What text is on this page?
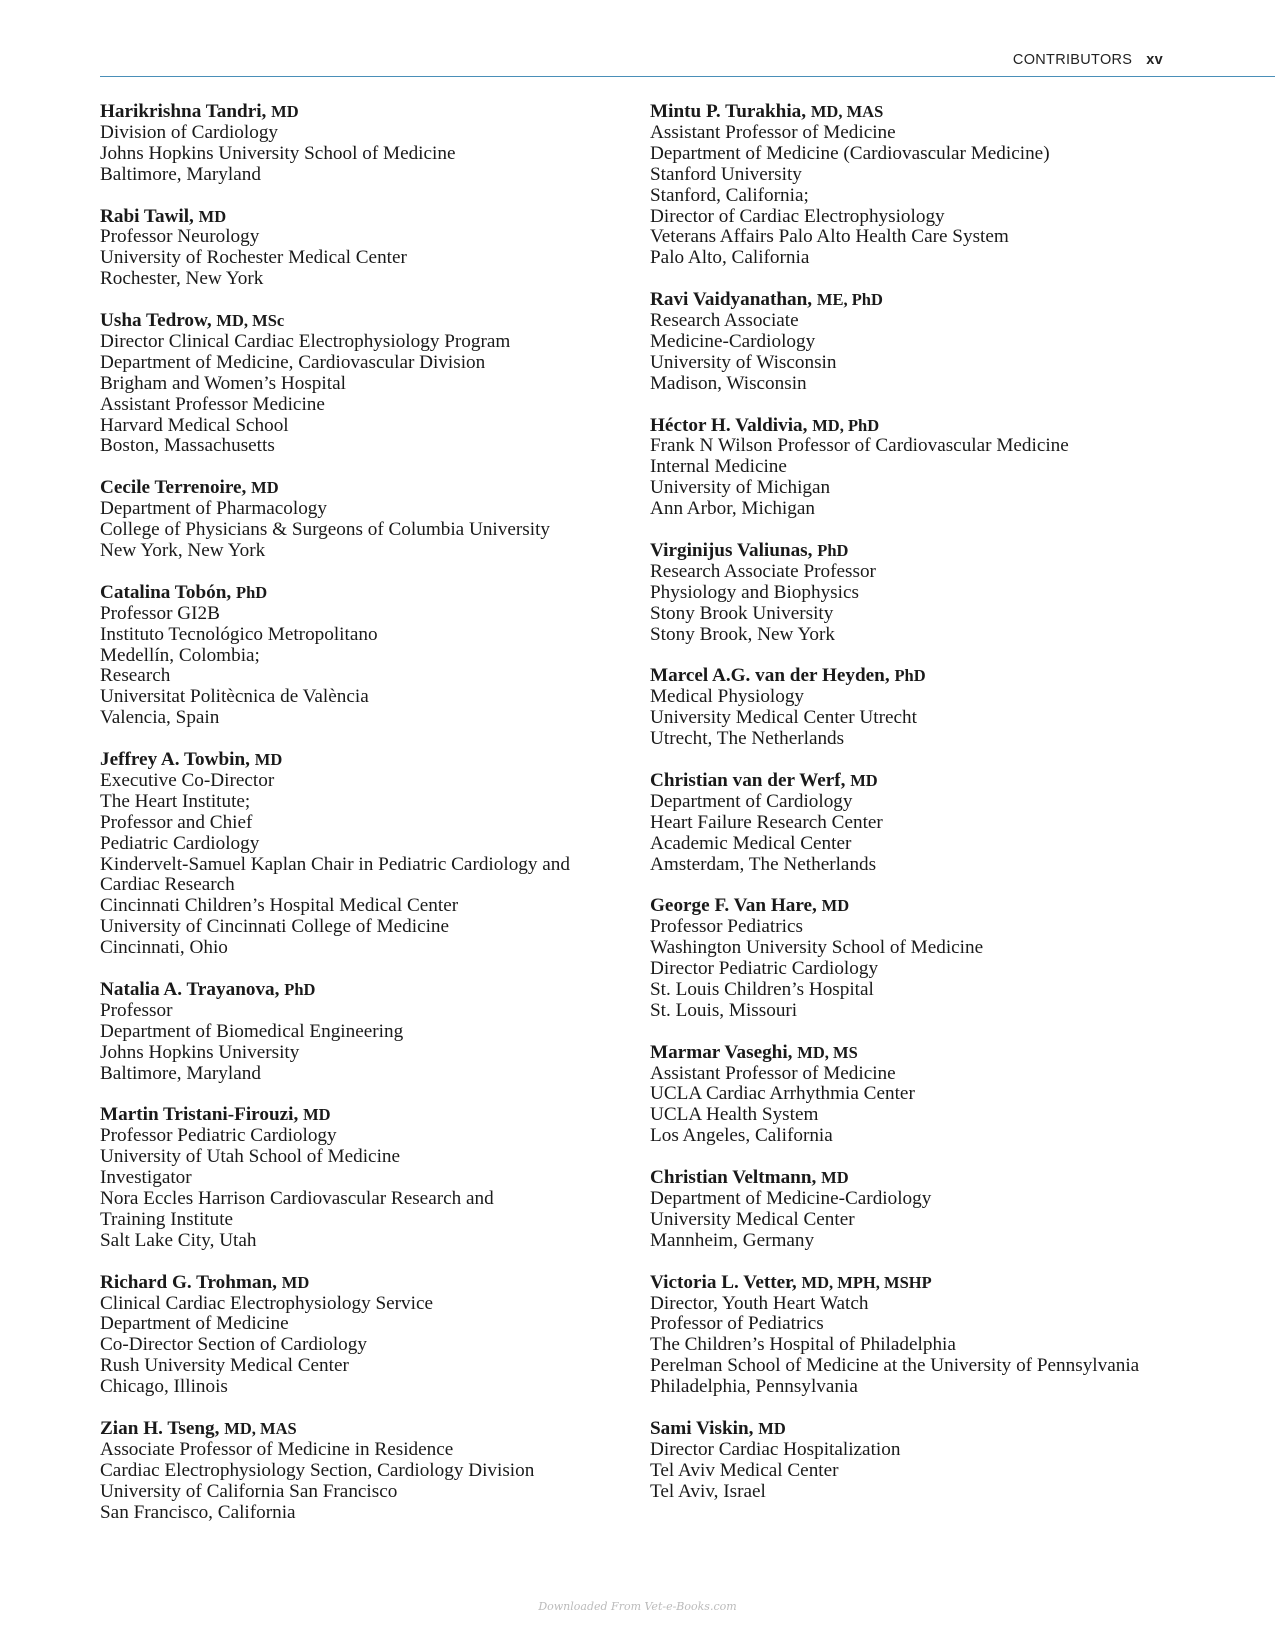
CONTRIBUTORS xv
Harikrishna Tandri, MD
Division of Cardiology
Johns Hopkins University School of Medicine
Baltimore, Maryland
Rabi Tawil, MD
Professor Neurology
University of Rochester Medical Center
Rochester, New York
Usha Tedrow, MD, MSc
Director Clinical Cardiac Electrophysiology Program
Department of Medicine, Cardiovascular Division
Brigham and Women’s Hospital
Assistant Professor Medicine
Harvard Medical School
Boston, Massachusetts
Cecile Terrenoire, MD
Department of Pharmacology
College of Physicians & Surgeons of Columbia University
New York, New York
Catalina Tobón, PhD
Professor GI2B
Instituto Tecnológico Metropolitano
Medellín, Colombia;
Research
Universitat Politècnica de València
Valencia, Spain
Jeffrey A. Towbin, MD
Executive Co-Director
The Heart Institute;
Professor and Chief
Pediatric Cardiology
Kindervelt-Samuel Kaplan Chair in Pediatric Cardiology and
Cardiac Research
Cincinnati Children’s Hospital Medical Center
University of Cincinnati College of Medicine
Cincinnati, Ohio
Natalia A. Trayanova, PhD
Professor
Department of Biomedical Engineering
Johns Hopkins University
Baltimore, Maryland
Martin Tristani-Firouzi, MD
Professor Pediatric Cardiology
University of Utah School of Medicine
Investigator
Nora Eccles Harrison Cardiovascular Research and
Training Institute
Salt Lake City, Utah
Richard G. Trohman, MD
Clinical Cardiac Electrophysiology Service
Department of Medicine
Co-Director Section of Cardiology
Rush University Medical Center
Chicago, Illinois
Zian H. Tseng, MD, MAS
Associate Professor of Medicine in Residence
Cardiac Electrophysiology Section, Cardiology Division
University of California San Francisco
San Francisco, California
Mintu P. Turakhia, MD, MAS
Assistant Professor of Medicine
Department of Medicine (Cardiovascular Medicine)
Stanford University
Stanford, California;
Director of Cardiac Electrophysiology
Veterans Affairs Palo Alto Health Care System
Palo Alto, California
Ravi Vaidyanathan, ME, PhD
Research Associate
Medicine-Cardiology
University of Wisconsin
Madison, Wisconsin
Héctor H. Valdivia, MD, PhD
Frank N Wilson Professor of Cardiovascular Medicine
Internal Medicine
University of Michigan
Ann Arbor, Michigan
Virginijus Valiunas, PhD
Research Associate Professor
Physiology and Biophysics
Stony Brook University
Stony Brook, New York
Marcel A.G. van der Heyden, PhD
Medical Physiology
University Medical Center Utrecht
Utrecht, The Netherlands
Christian van der Werf, MD
Department of Cardiology
Heart Failure Research Center
Academic Medical Center
Amsterdam, The Netherlands
George F. Van Hare, MD
Professor Pediatrics
Washington University School of Medicine
Director Pediatric Cardiology
St. Louis Children’s Hospital
St. Louis, Missouri
Marmar Vaseghi, MD, MS
Assistant Professor of Medicine
UCLA Cardiac Arrhythmia Center
UCLA Health System
Los Angeles, California
Christian Veltmann, MD
Department of Medicine-Cardiology
University Medical Center
Mannheim, Germany
Victoria L. Vetter, MD, MPH, MSHP
Director, Youth Heart Watch
Professor of Pediatrics
The Children’s Hospital of Philadelphia
Perelman School of Medicine at the University of Pennsylvania
Philadelphia, Pennsylvania
Sami Viskin, MD
Director Cardiac Hospitalization
Tel Aviv Medical Center
Tel Aviv, Israel
Downloaded From Vet-e-Books.com
